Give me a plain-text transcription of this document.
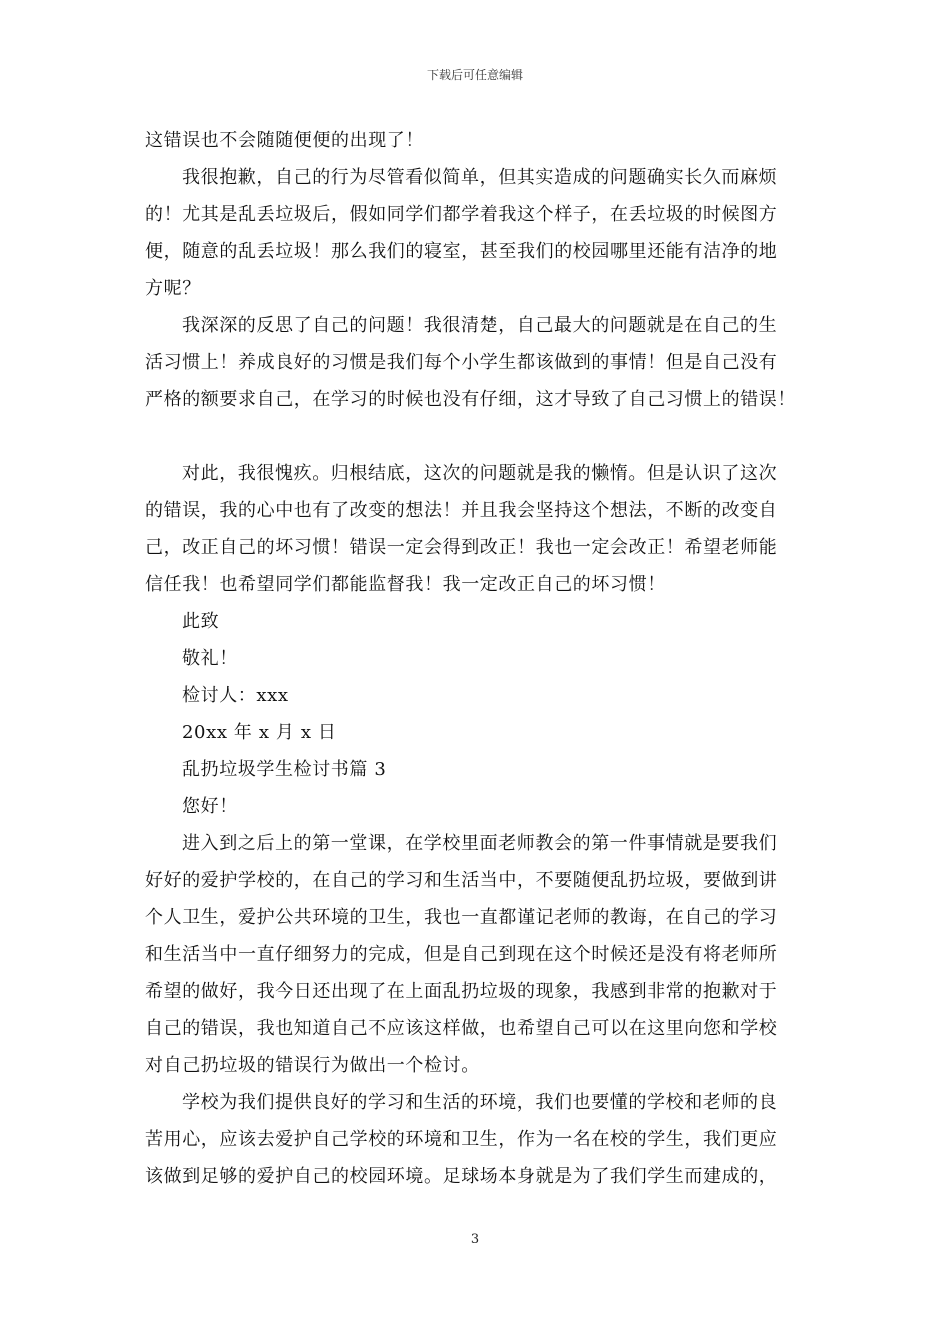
下载后可任意编辑
这错误也不会随随便便的出现了！
我很抱歉，自己的行为尽管看似简单，但其实造成的问题确实长久而麻烦
的！尤其是乱丢垃圾后，假如同学们都学着我这个样子，在丢垃圾的时候图方
便，随意的乱丢垃圾！那么我们的寝室，甚至我们的校园哪里还能有洁净的地
方呢？
我深深的反思了自己的问题！我很清楚，自己最大的问题就是在自己的生
活习惯上！养成良好的习惯是我们每个小学生都该做到的事情！但是自己没有
严格的额要求自己，在学习的时候也没有仔细，这才导致了自己习惯上的错误！
对此，我很愧疚。归根结底，这次的问题就是我的懒惰。但是认识了这次
的错误，我的心中也有了改变的想法！并且我会坚持这个想法，不断的改变自
己，改正自己的坏习惯！错误一定会得到改正！我也一定会改正！希望老师能
信任我！也希望同学们都能监督我！我一定改正自己的坏习惯！
此致
敬礼！
检讨人：xxx
20xx 年 x 月 x 日
乱扔垃圾学生检讨书篇 3
您好！
进入到之后上的第一堂课，在学校里面老师教会的第一件事情就是要我们
好好的爱护学校的，在自己的学习和生活当中，不要随便乱扔垃圾，要做到讲
个人卫生，爱护公共环境的卫生，我也一直都谨记老师的教诲，在自己的学习
和生活当中一直仔细努力的完成，但是自己到现在这个时候还是没有将老师所
希望的做好，我今日还出现了在上面乱扔垃圾的现象，我感到非常的抱歉对于
自己的错误，我也知道自己不应该这样做，也希望自己可以在这里向您和学校
对自己扔垃圾的错误行为做出一个检讨。
学校为我们提供良好的学习和生活的环境，我们也要懂的学校和老师的良
苦用心，应该去爱护自己学校的环境和卫生，作为一名在校的学生，我们更应
该做到足够的爱护自己的校园环境。足球场本身就是为了我们学生而建成的，
3
